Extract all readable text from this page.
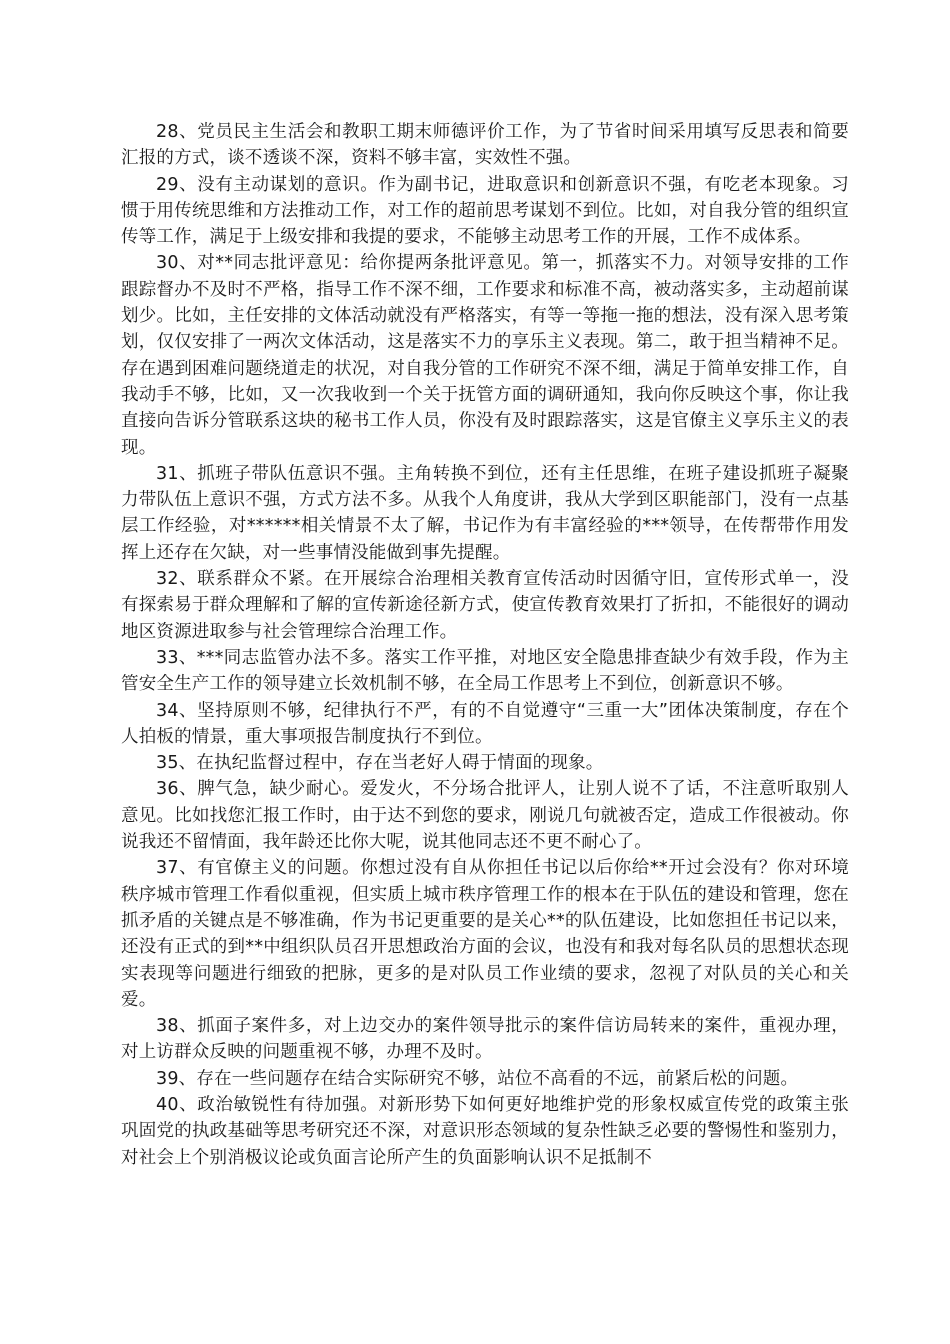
28、党员民主生活会和教职工期末师德评价工作，为了节省时间采用填写反思表和简要汇报的方式，谈不透谈不深，资料不够丰富，实效性不强。

29、没有主动谋划的意识。作为副书记，进取意识和创新意识不强，有吃老本现象。习惯于用传统思维和方法推动工作，对工作的超前思考谋划不到位。比如，对自我分管的组织宣传等工作，满足于上级安排和我提的要求，不能够主动思考工作的开展，工作不成体系。

30、对**同志批评意见：给你提两条批评意见。第一，抓落实不力。对领导安排的工作跟踪督办不及时不严格，指导工作不深不细，工作要求和标准不高，被动落实多，主动超前谋划少。比如，主任安排的文体活动就没有严格落实，有等一等拖一拖的想法，没有深入思考策划，仅仅安排了一两次文体活动，这是落实不力的享乐主义表现。第二，敢于担当精神不足。存在遇到困难问题绕道走的状况，对自我分管的工作研究不深不细，满足于简单安排工作，自我动手不够，比如，又一次我收到一个关于抚管方面的调研通知，我向你反映这个事，你让我直接向告诉分管联系这块的秘书工作人员，你没有及时跟踪落实，这是官僚主义享乐主义的表现。

31、抓班子带队伍意识不强。主角转换不到位，还有主任思维，在班子建设抓班子凝聚力带队伍上意识不强，方式方法不多。从我个人角度讲，我从大学到区职能部门，没有一点基层工作经验，对******相关情景不太了解，书记作为有丰富经验的***领导，在传帮带作用发挥上还存在欠缺，对一些事情没能做到事先提醒。

32、联系群众不紧。在开展综合治理相关教育宣传活动时因循守旧，宣传形式单一，没有探索易于群众理解和了解的宣传新途径新方式，使宣传教育效果打了折扣，不能很好的调动地区资源进取参与社会管理综合治理工作。

33、***同志监管办法不多。落实工作平推，对地区安全隐患排查缺少有效手段，作为主管安全生产工作的领导建立长效机制不够，在全局工作思考上不到位，创新意识不够。

34、坚持原则不够，纪律执行不严，有的不自觉遵守“三重一大”团体决策制度，存在个人拍板的情景，重大事项报告制度执行不到位。

35、在执纪监督过程中，存在当老好人碍于情面的现象。

36、脾气急，缺少耐心。爱发火，不分场合批评人，让别人说不了话，不注意听取别人意见。比如找您汇报工作时，由于达不到您的要求，刚说几句就被否定，造成工作很被动。你说我还不留情面，我年龄还比你大呢，说其他同志还不更不耐心了。

37、有官僚主义的问题。你想过没有自从你担任书记以后你给**开过会没有？你对环境秩序城市管理工作看似重视，但实质上城市秩序管理工作的根本在于队伍的建设和管理，您在抓矛盾的关键点是不够准确，作为书记更重要的是关心**的队伍建设，比如您担任书记以来，还没有正式的到**中组织队员召开思想政治方面的会议，也没有和我对每名队员的思想状态现实表现等问题进行细致的把脉，更多的是对队员工作业绩的要求，忽视了对队员的关心和关爱。

38、抓面子案件多，对上边交办的案件领导批示的案件信访局转来的案件，重视办理，对上访群众反映的问题重视不够，办理不及时。

39、存在一些问题存在结合实际研究不够，站位不高看的不远，前紧后松的问题。

40、政治敏锐性有待加强。对新形势下如何更好地维护党的形象权威宣传党的政策主张巩固党的执政基础等思考研究还不深，对意识形态领域的复杂性缺乏必要的警惕性和鉴别力，对社会上个别消极议论或负面言论所产生的负面影响认识不足抵制不
